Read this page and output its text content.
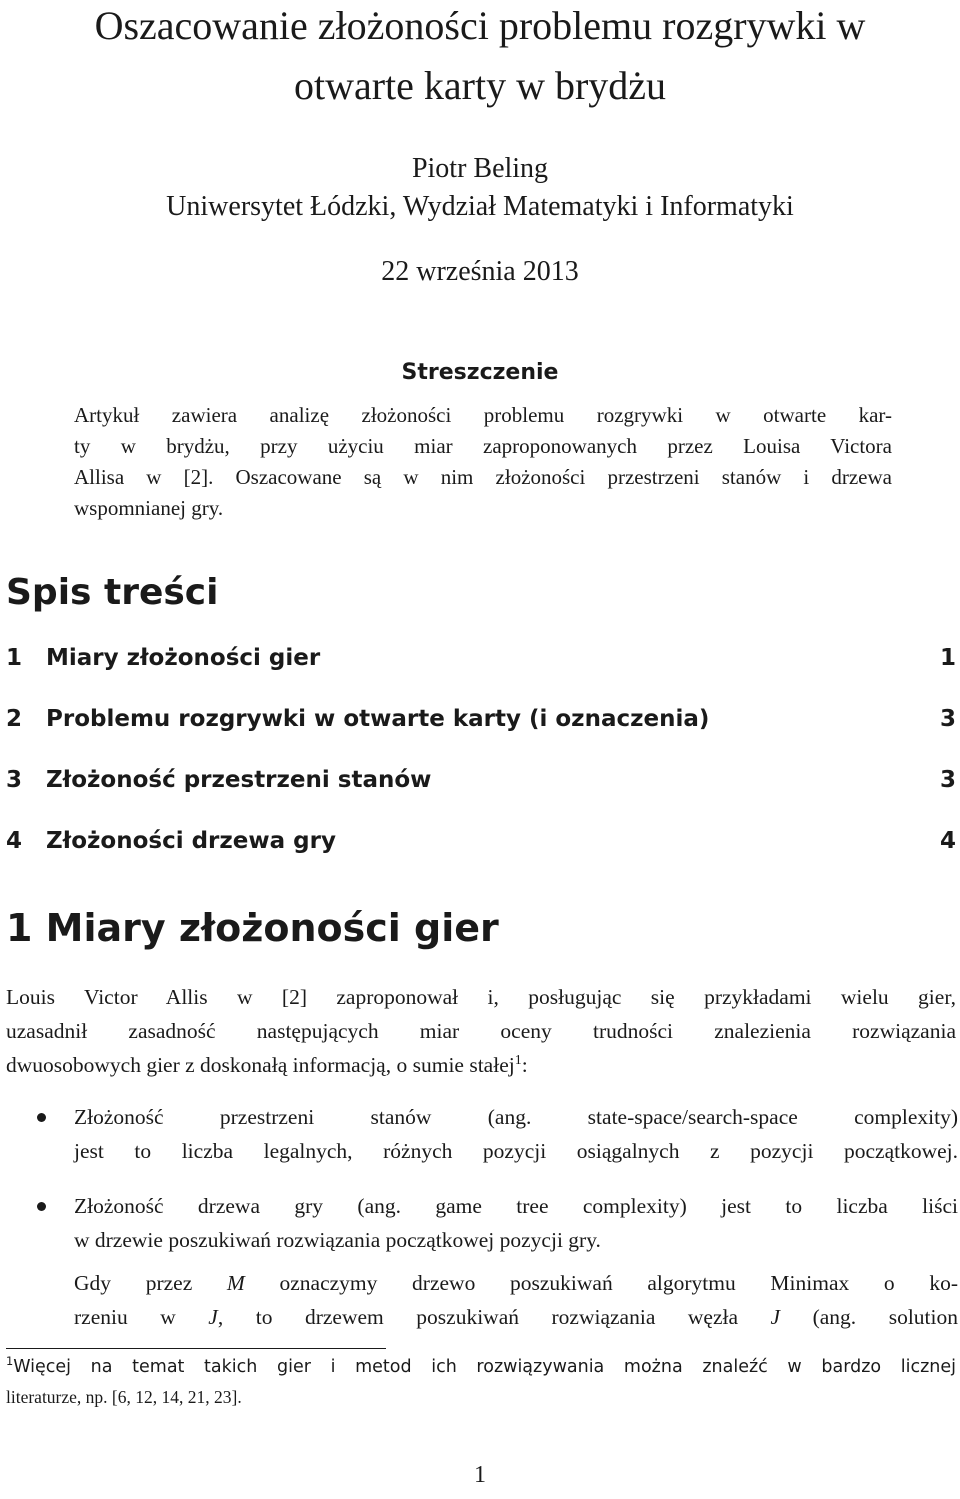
Oszacowanie złożoności problemu rozgrywki w
otwarte karty w brydżu
Piotr Beling
Uniwersytet Łódzki, Wydział Matematyki i Informatyki
22 września 2013
Streszczenie
Artykuł zawiera analizę złożoności problemu rozgrywki w otwarte kar-
ty w brydżu, przy użyciu miar zaproponowanych przez Louisa Victora
Allisa w [2]. Oszacowane są w nim złożoności przestrzeni stanów i drzewa
wspomnianej gry.
Spis treści
1 Miary złożoności gier	1
2 Problemu rozgrywki w otwarte karty (i oznaczenia)	3
3 Złożoność przestrzeni stanów	3
4 Złożoności drzewa gry	4
1 Miary złożoności gier
Louis Victor Allis w [2] zaproponował i, posługując się przykładami wielu gier,
uzasadnił zasadność następujących miar oceny trudności znalezienia rozwiązania
dwuosobowych gier z doskonałą informacją, o sumie stałej$^1$:
Złożoność przestrzeni stanów (ang. state-space/search-space complexity)
jest to liczba legalnych, różnych pozycji osiągalnych z pozycji początkowej.
Złożoność drzewa gry (ang. game tree complexity) jest to liczba liści
w drzewie poszukiwań rozwiązania początkowej pozycji gry.
Gdy przez M oznaczymy drzewo poszukiwań algorytmu Minimax o ko-
rzeniu w J, to drzewem poszukiwań rozwiązania węzła J (ang. solution
$^1$Więcej na temat takich gier i metod ich rozwiązywania można znaleźć w bardzo licznej
literaturze, np. [6, 12, 14, 21, 23].
1
